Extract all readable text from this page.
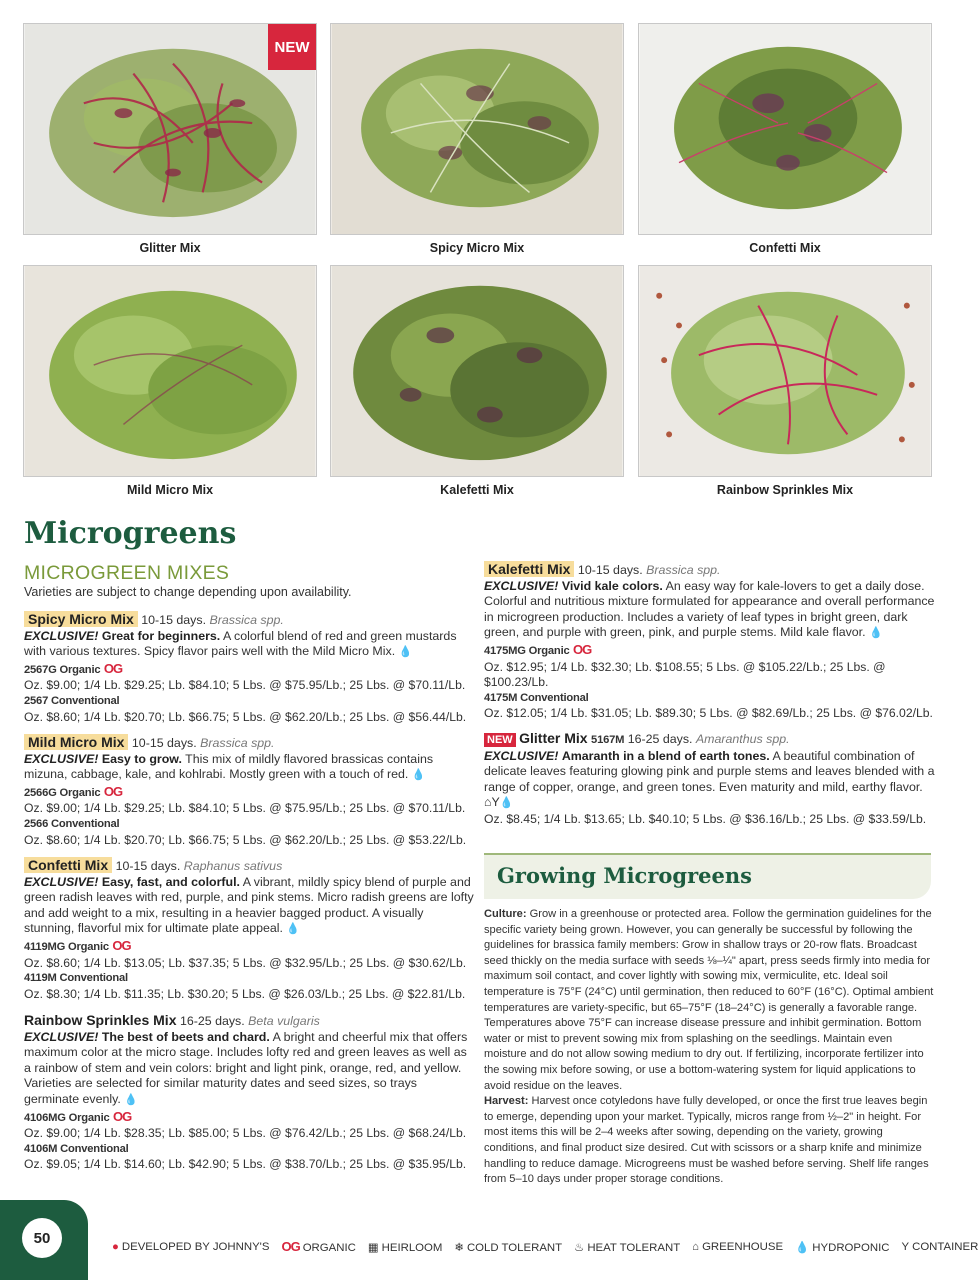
NEW
Glitter Mix	Spicy Micro Mix	Confetti Mix
Mild Micro Mix	Kalefetti Mix	Rainbow Sprinkles Mix
Microgreens
MICROGREEN MIXES
Varieties are subject to change depending upon availability.

Spicy Micro Mix 10-15 days. Brassica spp.

EXCLUSIVE! Great for beginners. A colorful blend of red and green mustards with various textures. Spicy flavor pairs well with the Mild Micro Mix. 💧

2567G Organic OG

Oz. $9.00; 1/4 Lb. $29.25; Lb. $84.10; 5 Lbs. @ $75.95/Lb.; 25 Lbs. @ $70.11/Lb.

2567 Conventional

Oz. $8.60; 1/4 Lb. $20.70; Lb. $66.75; 5 Lbs. @ $62.20/Lb.; 25 Lbs. @ $56.44/Lb.

Mild Micro Mix 10-15 days. Brassica spp.

EXCLUSIVE! Easy to grow. This mix of mildly flavored brassicas contains mizuna, cabbage, kale, and kohlrabi. Mostly green with a touch of red. 💧

2566G Organic OG

Oz. $9.00; 1/4 Lb. $29.25; Lb. $84.10; 5 Lbs. @ $75.95/Lb.; 25 Lbs. @ $70.11/Lb.

2566 Conventional

Oz. $8.60; 1/4 Lb. $20.70; Lb. $66.75; 5 Lbs. @ $62.20/Lb.; 25 Lbs. @ $53.22/Lb.

Confetti Mix 10-15 days. Raphanus sativus

EXCLUSIVE! Easy, fast, and colorful. A vibrant, mildly spicy blend of purple and green radish leaves with red, purple, and pink stems. Micro radish greens are lofty and add weight to a mix, resulting in a heavier bagged product. A visually stunning, flavorful mix for ultimate plate appeal. 💧

4119MG Organic OG

Oz. $8.60; 1/4 Lb. $13.05; Lb. $37.35; 5 Lbs. @ $32.95/Lb.; 25 Lbs. @ $30.62/Lb.

4119M Conventional

Oz. $8.30; 1/4 Lb. $11.35; Lb. $30.20; 5 Lbs. @ $26.03/Lb.; 25 Lbs. @ $22.81/Lb.

Rainbow Sprinkles Mix 16-25 days. Beta vulgaris

EXCLUSIVE! The best of beets and chard. A bright and cheerful mix that offers maximum color at the micro stage. Includes lofty red and green leaves as well as a rainbow of stem and vein colors: bright and light pink, orange, red, and yellow. Varieties are selected for similar maturity dates and seed sizes, so trays germinate evenly. 💧

4106MG Organic OG

Oz. $9.00; 1/4 Lb. $28.35; Lb. $85.00; 5 Lbs. @ $76.42/Lb.; 25 Lbs. @ $68.24/Lb.

4106M Conventional

Oz. $9.05; 1/4 Lb. $14.60; Lb. $42.90; 5 Lbs. @ $38.70/Lb.; 25 Lbs. @ $35.95/Lb.

Kalefetti Mix 10-15 days. Brassica spp.

EXCLUSIVE! Vivid kale colors. An easy way for kale-lovers to get a daily dose. Colorful and nutritious mixture formulated for appearance and overall performance in microgreen production. Includes a variety of leaf types in bright green, dark green, and purple with green, pink, and purple stems. Mild kale flavor. 💧

4175MG Organic OG

Oz. $12.95; 1/4 Lb. $32.30; Lb. $108.55; 5 Lbs. @ $105.22/Lb.; 25 Lbs. @ $100.23/Lb.

4175M Conventional

Oz. $12.05; 1/4 Lb. $31.05; Lb. $89.30; 5 Lbs. @ $82.69/Lb.; 25 Lbs. @ $76.02/Lb.

NEW Glitter Mix 5167M 16-25 days. Amaranthus spp.

EXCLUSIVE! Amaranth in a blend of earth tones. A beautiful combination of delicate leaves featuring glowing pink and purple stems and leaves blended with a range of copper, orange, and green tones. Even maturity and mild, earthy flavor. ⌂Y💧

Oz. $8.45; 1/4 Lb. $13.65; Lb. $40.10; 5 Lbs. @ $36.16/Lb.; 25 Lbs. @ $33.59/Lb.

Growing Microgreens

Culture: Grow in a greenhouse or protected area. Follow the germination guidelines for the specific variety being grown. However, you can generally be successful by following the guidelines for brassica family members: Grow in shallow trays or 20-row flats. Broadcast seed thickly on the media surface with seeds ⅛–¼" apart, press seeds firmly into media for maximum soil contact, and cover lightly with sowing mix, vermiculite, etc. Ideal soil temperature is 75°F (24°C) until germination, then reduced to 60°F (16°C). Optimal ambient temperatures are variety-specific, but 65–75°F (18–24°C) is generally a favorable range. Temperatures above 75°F can increase disease pressure and inhibit germination. Bottom water or mist to prevent sowing mix from splashing on the seedlings. Maintain even moisture and do not allow sowing medium to dry out. If fertilizing, incorporate fertilizer into the sowing mix before sowing, or use a bottom-watering system for liquid applications to avoid residue on the leaves.

Harvest: Harvest once cotyledons have fully developed, or once the first true leaves begin to emerge, depending upon your market. Typically, micros range from ½–2" in height. For most items this will be 2–4 weeks after sowing, depending on the variety, growing conditions, and final product size desired. Cut with scissors or a sharp knife and minimize handling to reduce damage. Microgreens must be washed before serving. Shelf life ranges from 5–10 days under proper storage conditions.

50	● DEVELOPED BY JOHNNY'S OG ORGANIC ▦ HEIRLOOM ❄ COLD TOLERANT ♨ HEAT TOLERANT ⌂ GREENHOUSE 💧 HYDROPONIC Y CONTAINER
